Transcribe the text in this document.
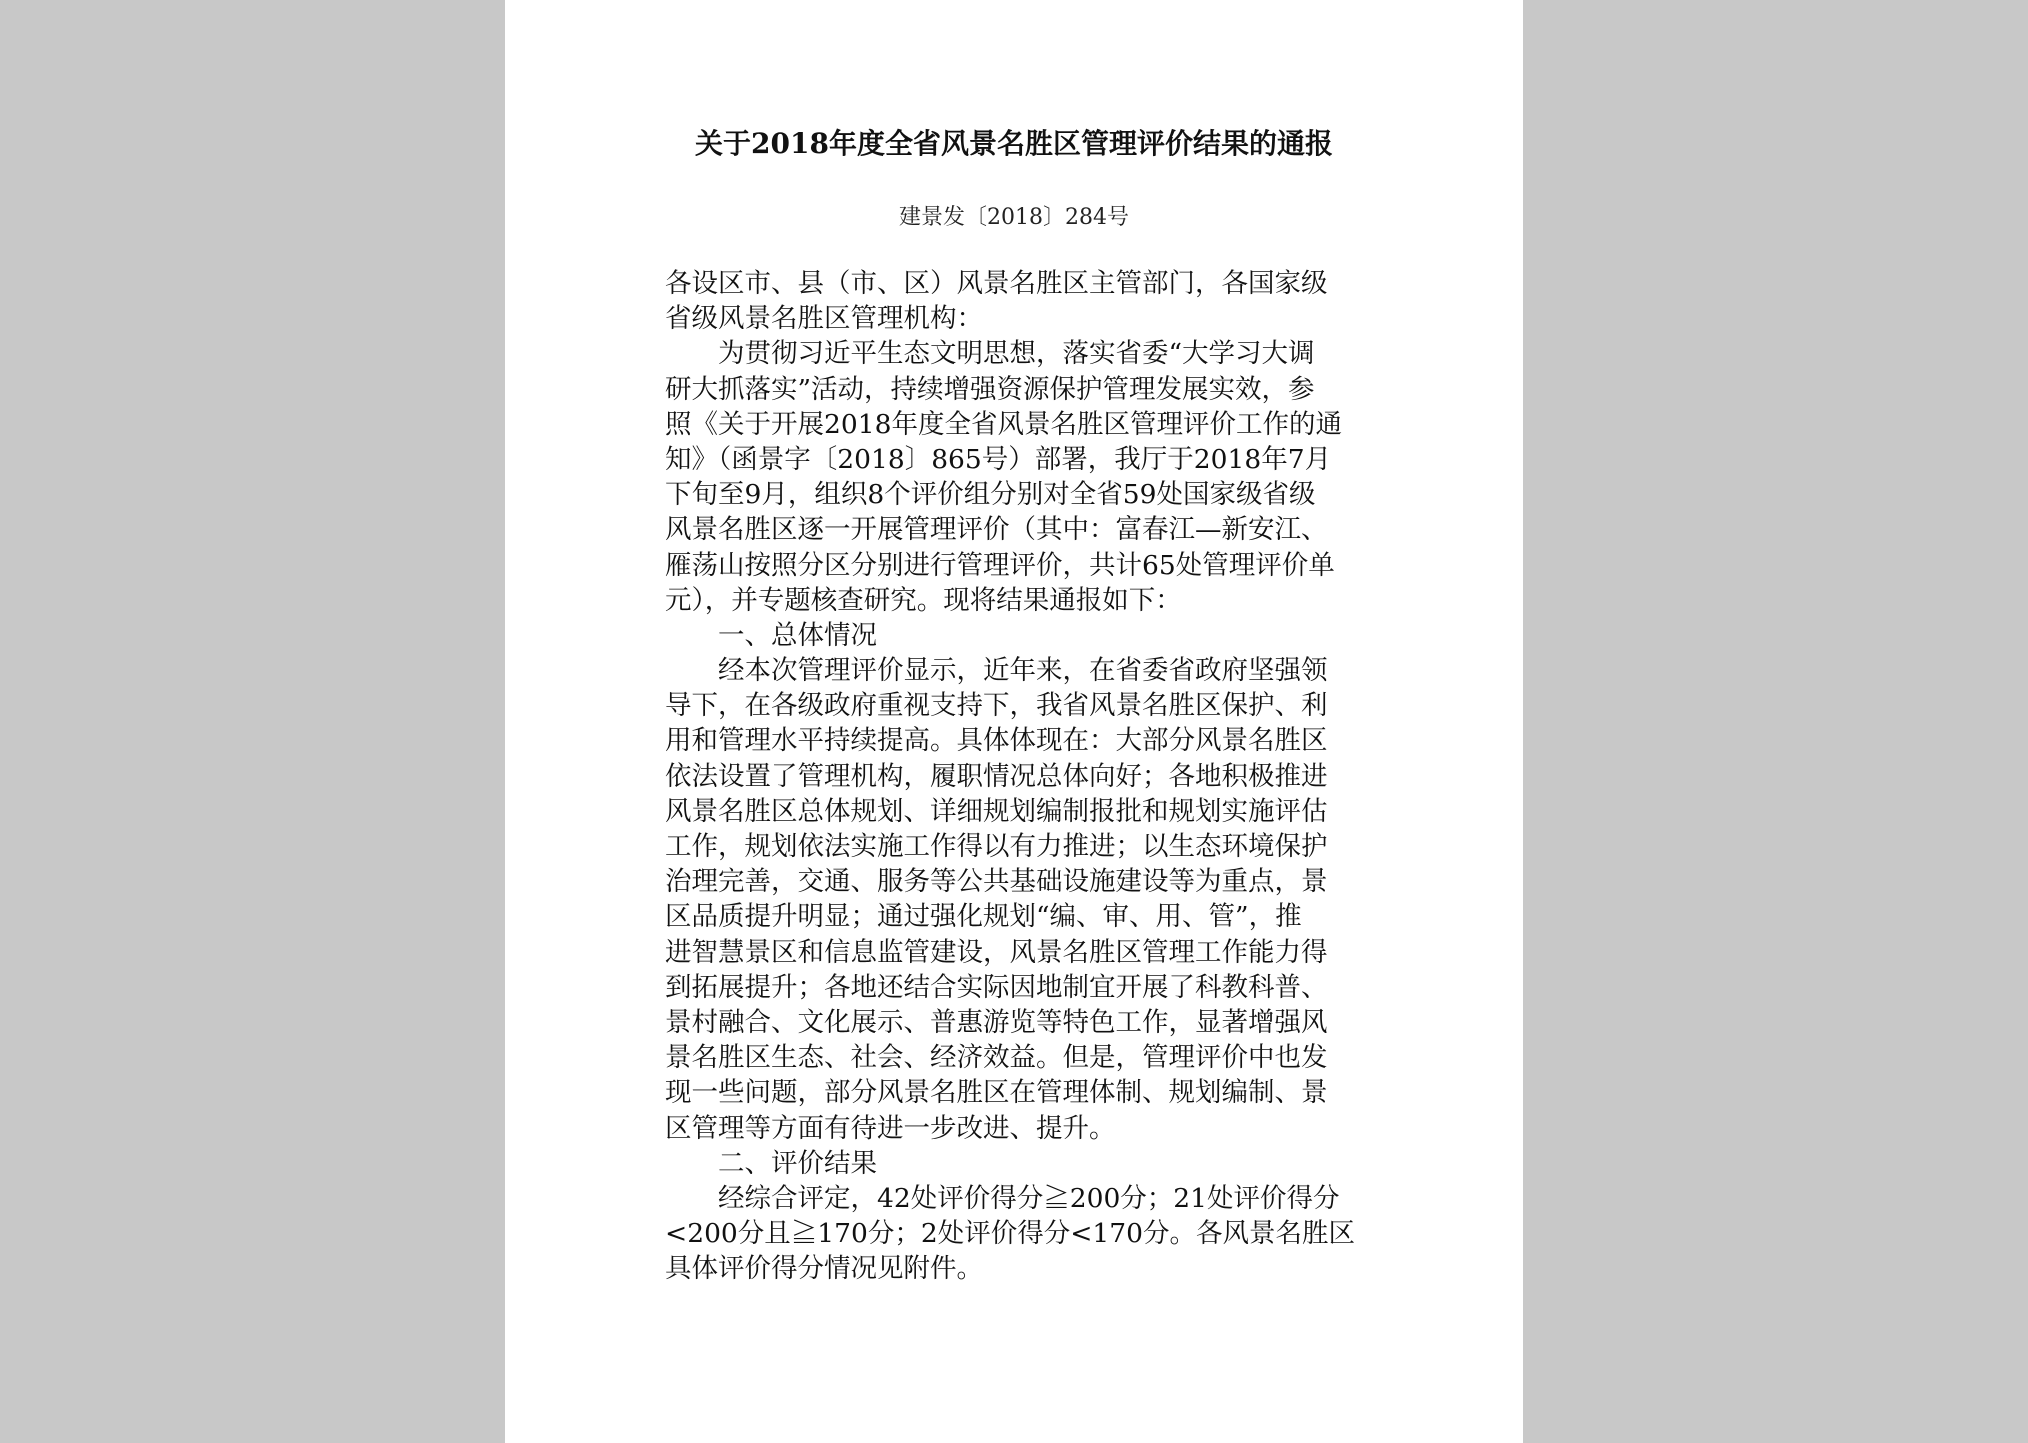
关于2018年度全省风景名胜区管理评价结果的通报
建景发〔2018〕284号
各设区市、县（市、区）风景名胜区主管部门，各国家级
省级风景名胜区管理机构：
为贯彻习近平生态文明思想，落实省委“大学习大调
研大抓落实”活动，持续增强资源保护管理发展实效，参
照《关于开展2018年度全省风景名胜区管理评价工作的通
知》（函景字〔2018〕865号）部署，我厅于2018年7月
下旬至9月，组织8个评价组分别对全省59处国家级省级
风景名胜区逐一开展管理评价（其中：富春江—新安江、
雁荡山按照分区分别进行管理评价，共计65处管理评价单
元），并专题核查研究。现将结果通报如下：
一、总体情况
经本次管理评价显示，近年来，在省委省政府坚强领
导下，在各级政府重视支持下，我省风景名胜区保护、利
用和管理水平持续提高。具体体现在：大部分风景名胜区
依法设置了管理机构，履职情况总体向好；各地积极推进
风景名胜区总体规划、详细规划编制报批和规划实施评估
工作，规划依法实施工作得以有力推进；以生态环境保护
治理完善，交通、服务等公共基础设施建设等为重点，景
区品质提升明显；通过强化规划“编、审、用、管”，推
进智慧景区和信息监管建设，风景名胜区管理工作能力得
到拓展提升；各地还结合实际因地制宜开展了科教科普、
景村融合、文化展示、普惠游览等特色工作，显著增强风
景名胜区生态、社会、经济效益。但是，管理评价中也发
现一些问题，部分风景名胜区在管理体制、规划编制、景
区管理等方面有待进一步改进、提升。
二、评价结果
经综合评定，42处评价得分≧200分；21处评价得分
<200分且≧170分；2处评价得分<170分。各风景名胜区
具体评价得分情况见附件。
